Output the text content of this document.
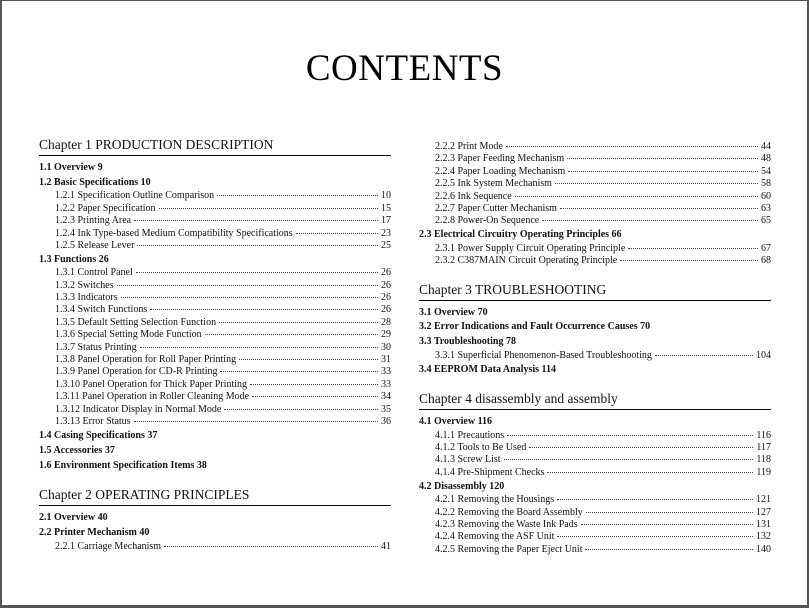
CONTENTS
Chapter 1 PRODUCTION DESCRIPTION
1.1 Overview 9
1.2 Basic Specifications 10
1.2.1 Specification Outline Comparison	10
1.2.2 Paper Specification	15
1.2.3 Printing Area	17
1.2.4 Ink Type-based Medium Compatibility Specifications	23
1.2.5 Release Lever	25
1.3 Functions 26
1.3.1 Control Panel	26
1.3.2 Switches	26
1.3.3 Indicators	26
1.3.4 Switch Functions	26
1.3.5 Default Setting Selection Function	28
1.3.6 Special Setting Mode Function	29
1.3.7 Status Printing	30
1.3.8 Panel Operation for Roll Paper Printing	31
1.3.9 Panel Operation for CD-R Printing	33
1.3.10 Panel Operation for Thick Paper Printing	33
1.3.11 Panel Operation in Roller Cleaning Mode	34
1.3.12 Indicator Display in Normal Mode	35
1.3.13 Error Status	36
1.4 Casing Specifications 37
1.5 Accessories 37
1.6 Environment Specification Items 38
Chapter 2 OPERATING PRINCIPLES
2.1 Overview 40
2.2 Printer Mechanism 40
2.2.1 Carriage Mechanism	41
2.2.2 Print Mode	44
2.2.3 Paper Feeding Mechanism	48
2.2.4 Paper Loading Mechanism	54
2.2.5 Ink System Mechanism	58
2.2.6 Ink Sequence	60
2.2.7 Paper Cutter Mechanism	63
2.2.8 Power-On Sequence	65
2.3 Electrical Circuitry Operating Principles 66
2.3.1 Power Supply Circuit Operating Principle	67
2.3.2 C387MAIN Circuit Operating Principle	68
Chapter 3 TROUBLESHOOTING
3.1 Overview 70
3.2 Error Indications and Fault Occurrence Causes 70
3.3 Troubleshooting 78
3.3.1 Superficial Phenomenon-Based Troubleshooting	104
3.4 EEPROM Data Analysis 114
Chapter 4 disassembly and assembly
4.1 Overview 116
4.1.1 Precautions	116
4.1.2 Tools to Be Used	117
4.1.3 Screw List	118
4.1.4 Pre-Shipment Checks	119
4.2 Disassembly 120
4.2.1 Removing the Housings	121
4.2.2 Removing the Board Assembly	127
4.2.3 Removing the Waste Ink Pads	131
4.2.4 Removing the ASF Unit	132
4.2.5 Removing the Paper Eject Unit	140
